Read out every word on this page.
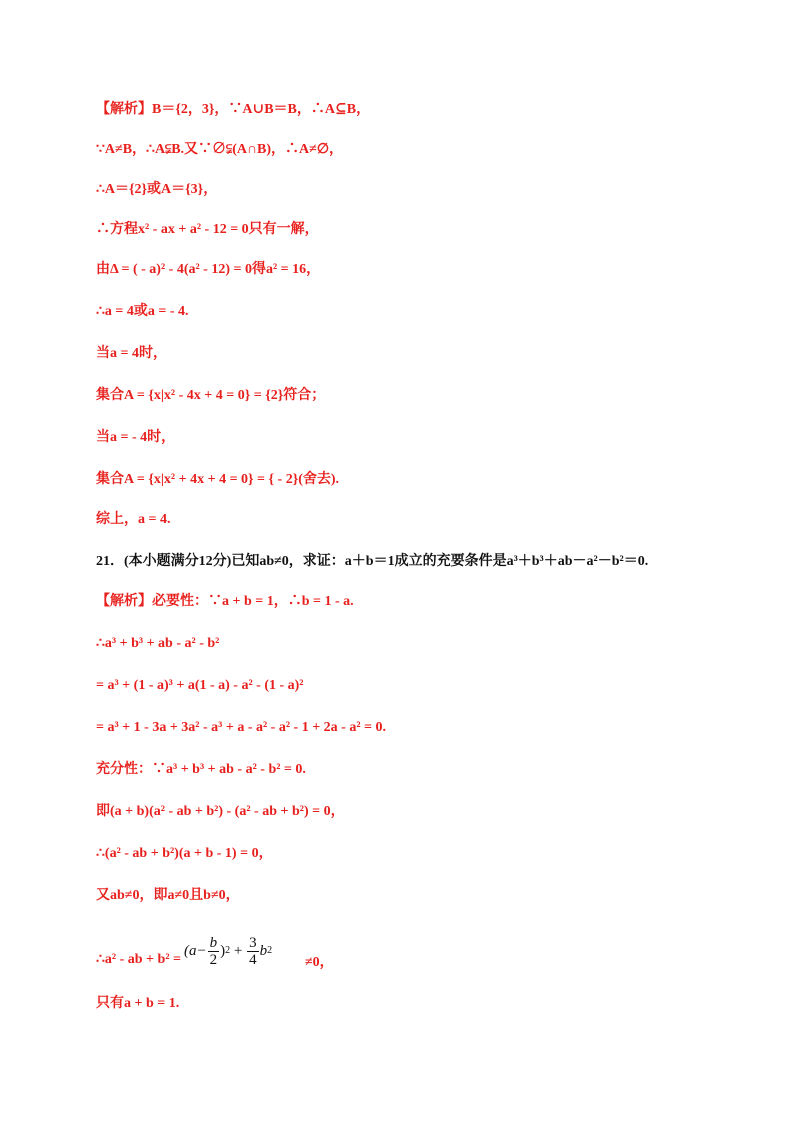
【解析】B＝{2，3}，∵A∪B＝B，∴A⊆B，
∵A≠B，∴A⫋B.又∵∅⫋(A∩B)，∴A≠∅，
∴A＝{2}或A＝{3}，
∴方程x² - ax + a² - 12 = 0只有一解，
由Δ = ( - a)² - 4(a² - 12) = 0得a² = 16，
∴a = 4或a = - 4.
当a = 4时，
集合A = {x|x² - 4x + 4 = 0} = {2}符合；
当a = - 4时，
集合A = {x|x² + 4x + 4 = 0} = { - 2}(舍去).
综上，a = 4.
21．(本小题满分12分)已知ab≠0，求证：a＋b＝1成立的充要条件是a³＋b³＋ab－a²－b²＝0.
【解析】必要性：∵a + b = 1，∴b = 1 - a.
∴a³ + b³ + ab - a² - b²
= a³ + (1 - a)³ + a(1 - a) - a² - (1 - a)²
= a³ + 1 - 3a + 3a² - a³ + a - a² - a² - 1 + 2a - a² = 0.
充分性：∵a³ + b³ + ab - a² - b² = 0.
即(a + b)(a² - ab + b²) - (a² - ab + b²) = 0，
∴(a² - ab + b²)(a + b - 1) = 0，
又ab≠0，即a≠0且b≠0，
只有a + b = 1.
∴a² - ab + b² =
($a- \frac{b}{2}$ ) $2 + \frac{3}{4}$ b 2
≠0，
